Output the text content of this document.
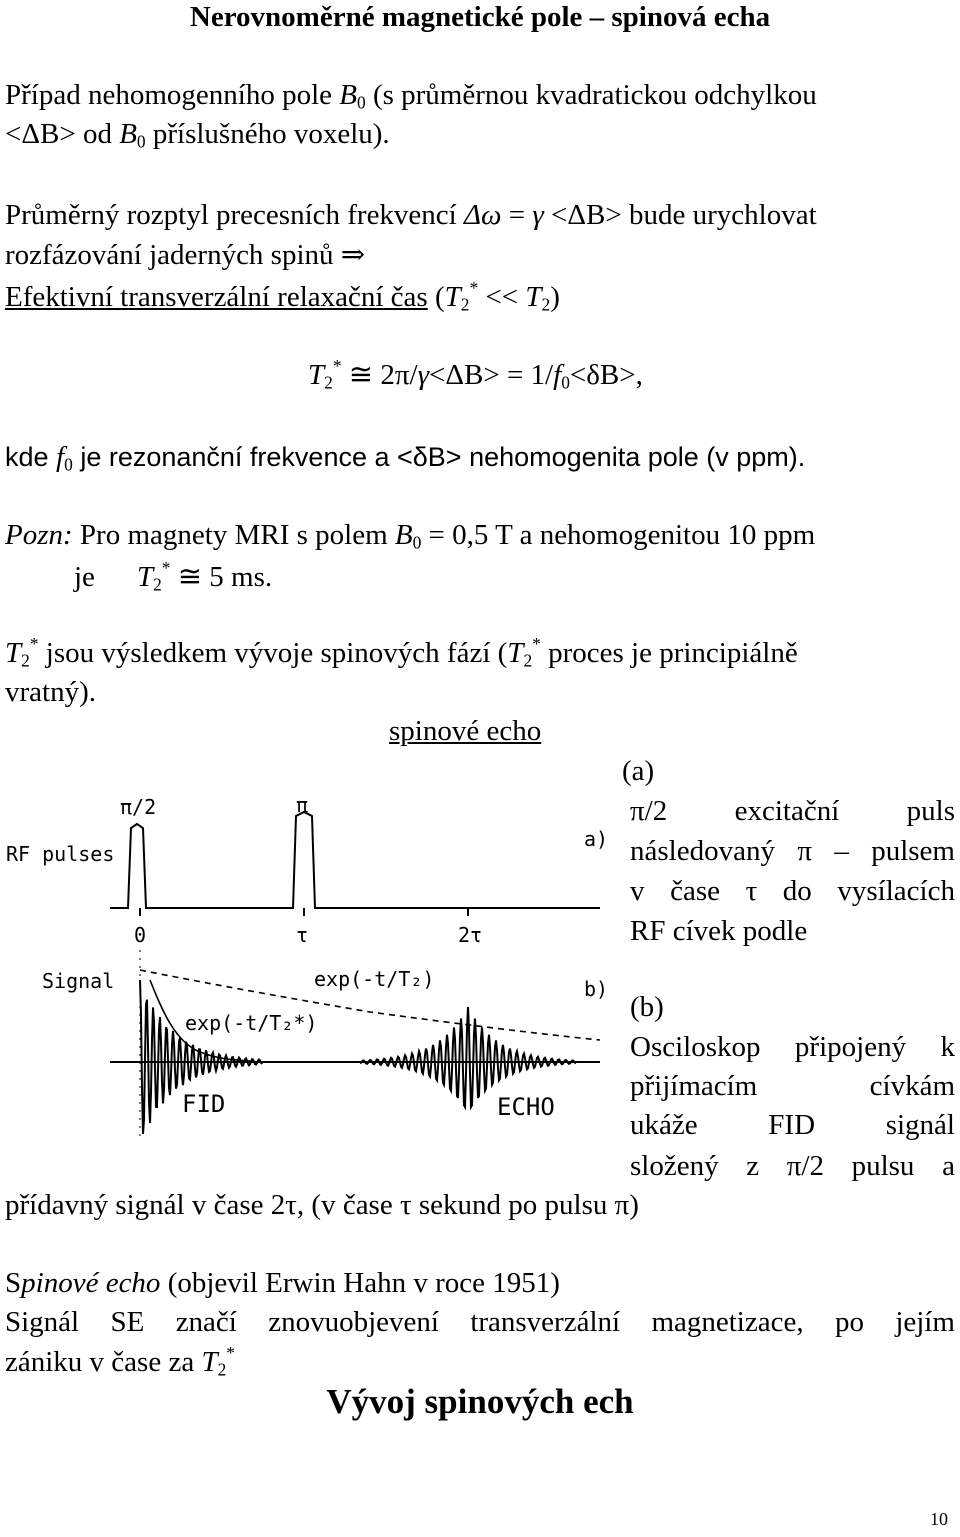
Nerovnoměrné magnetické pole – spinová echa
Případ nehomogenního pole $B_0$ (s průměrnou kvadratickou odchylkou
<ΔB> od $B_0$ příslušného voxelu).
Průměrný rozptyl precesních frekvencí Δω = γ <ΔB> bude urychlovat
rozfázování jaderných spinů ⇒
Efektivní transverzální relaxační čas $(T_2^* << T_2)$
$T_2^*$ ≅ $2\pi/\gamma<\Delta B> = 1/f_0<\delta B>$,
kde $f_0$ je rezonanční frekvence a <δB> nehomogenita pole (v ppm).
Pozn: Pro magnety MRI s polem $B_0 = 0,5$ T a nehomogenitou 10 ppm
je $T_2^*$ ≅ 5 ms.
$T_2^*$ jsou výsledkem vývoje spinových fází ($T_2^*$ proces je principiálně
vratný).
spinové echo
(a)
π/2 excitační puls
následovaný π – pulsem
v čase τ do vysílacích
RF cívek podle
(b)
Osciloskop připojený k
přijímacím	cívkám
ukáže FID signál
složený z π/2 pulsu a
přídavný signál v čase 2τ, (v čase τ sekund po pulsu π)
RF pulses
π/2	π
a)
0	τ	2τ
Signal	b)
exp(-t/T₂)
exp(-t/T₂*)
FID	ECHO
Spinové echo (objevil Erwin Hahn v roce 1951)
Signál SE značí znovuobjevení transverzální magnetizace, po jejím
zániku v čase za $T_2^*$
Vývoj spinových ech
10
